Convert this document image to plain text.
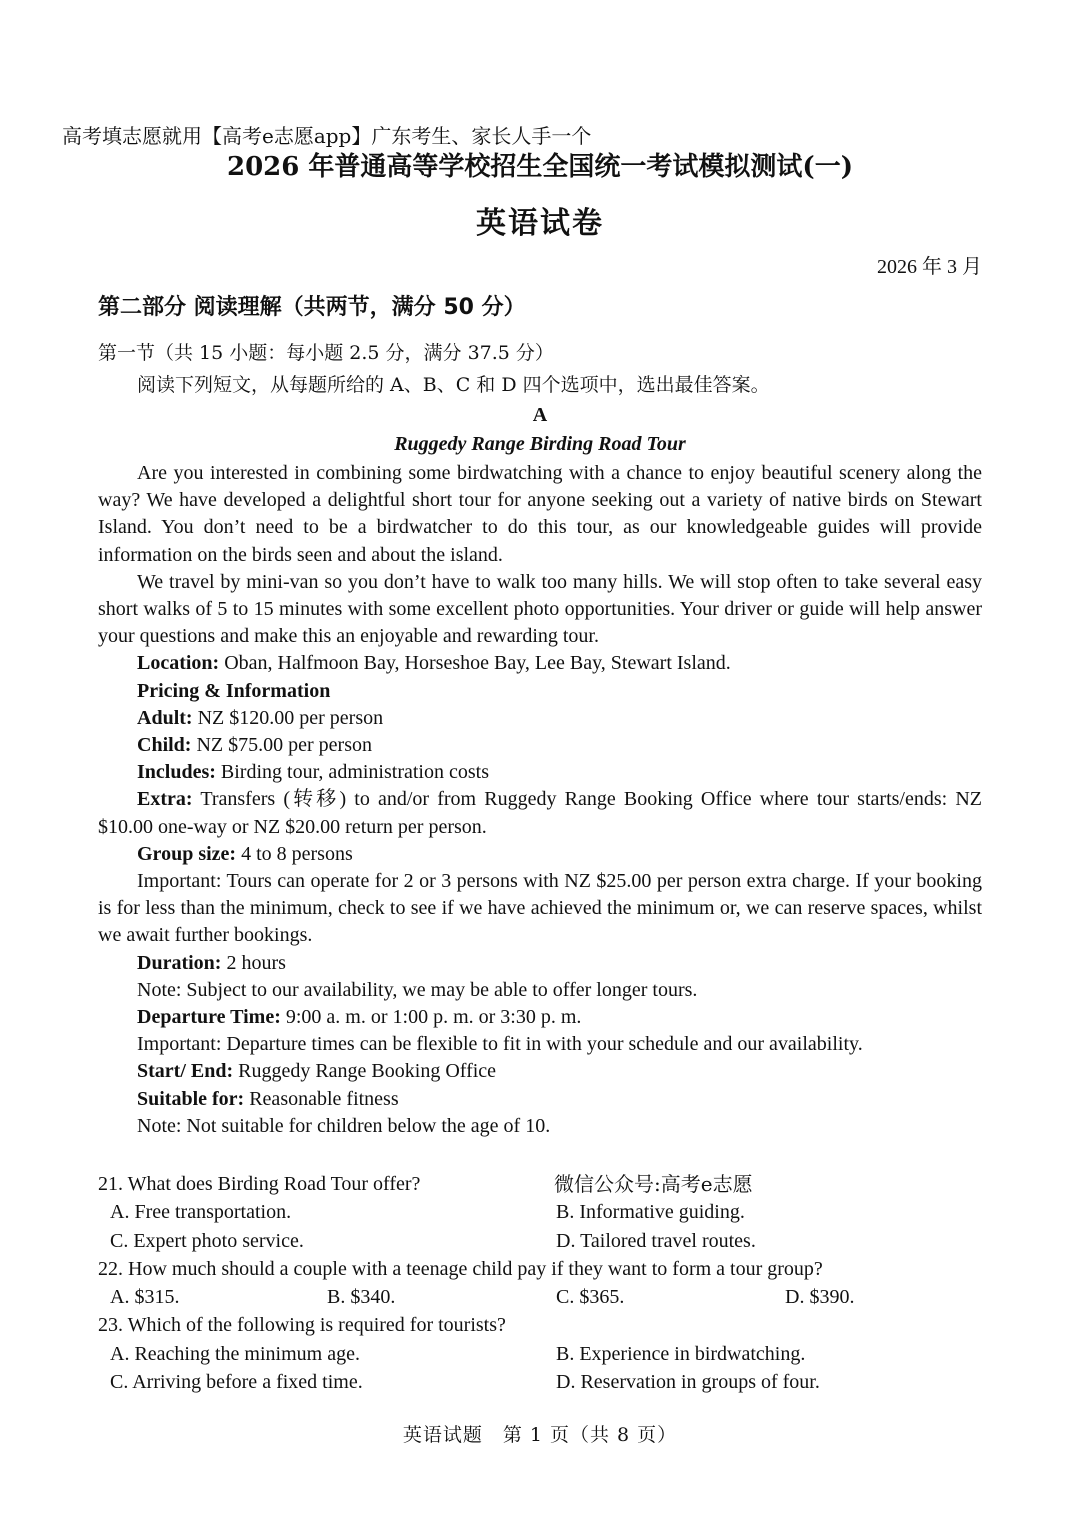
高考填志愿就用【高考e志愿app】广东考生、家长人手一个
2026 年普通高等学校招生全国统一考试模拟测试(一)
英语试卷
2026 年 3 月
第二部分 阅读理解（共两节，满分 50 分）
第一节（共 15 小题：每小题 2.5 分，满分 37.5 分）
阅读下列短文，从每题所给的 A、B、C 和 D 四个选项中，选出最佳答案。
A
Ruggedy Range Birding Road Tour

Are you interested in combining some birdwatching with a chance to enjoy beautiful scenery along the way? We have developed a delightful short tour for anyone seeking out a variety of native birds on Stewart Island. You don’t need to be a birdwatcher to do this tour, as our knowledgeable guides will provide information on the birds seen and about the island.

We travel by mini-van so you don’t have to walk too many hills. We will stop often to take several easy short walks of 5 to 15 minutes with some excellent photo opportunities. Your driver or guide will help answer your questions and make this an enjoyable and rewarding tour.

Location: Oban, Halfmoon Bay, Horseshoe Bay, Lee Bay, Stewart Island.

Pricing & Information

Adult: NZ $120.00 per person

Child: NZ $75.00 per person

Includes: Birding tour, administration costs

Extra: Transfers (转移) to and/or from Ruggedy Range Booking Office where tour starts/ends: NZ $10.00 one-way or NZ $20.00 return per person.

Group size: 4 to 8 persons

Important: Tours can operate for 2 or 3 persons with NZ $25.00 per person extra charge. If your booking is for less than the minimum, check to see if we have achieved the minimum or, we can reserve spaces, whilst we await further bookings.

Duration: 2 hours

Note: Subject to our availability, we may be able to offer longer tours.

Departure Time: 9:00 a. m. or 1:00 p. m. or 3:30 p. m.

Important: Departure times can be flexible to fit in with your schedule and our availability.

Start/ End: Ruggedy Range Booking Office

Suitable for: Reasonable fitness

Note: Not suitable for children below the age of 10.

21. What does Birding Road Tour offer?	微信公众号:高考e志愿
A. Free transportation.	B. Informative guiding.
C. Expert photo service.	D. Tailored travel routes.
22. How much should a couple with a teenage child pay if they want to form a tour group?
A. $315.	B. $340.	C. $365.	D. $390.
23. Which of the following is required for tourists?
A. Reaching the minimum age.	B. Experience in birdwatching.
C. Arriving before a fixed time.	D. Reservation in groups of four.
英语试题　第 1 页（共 8 页）
